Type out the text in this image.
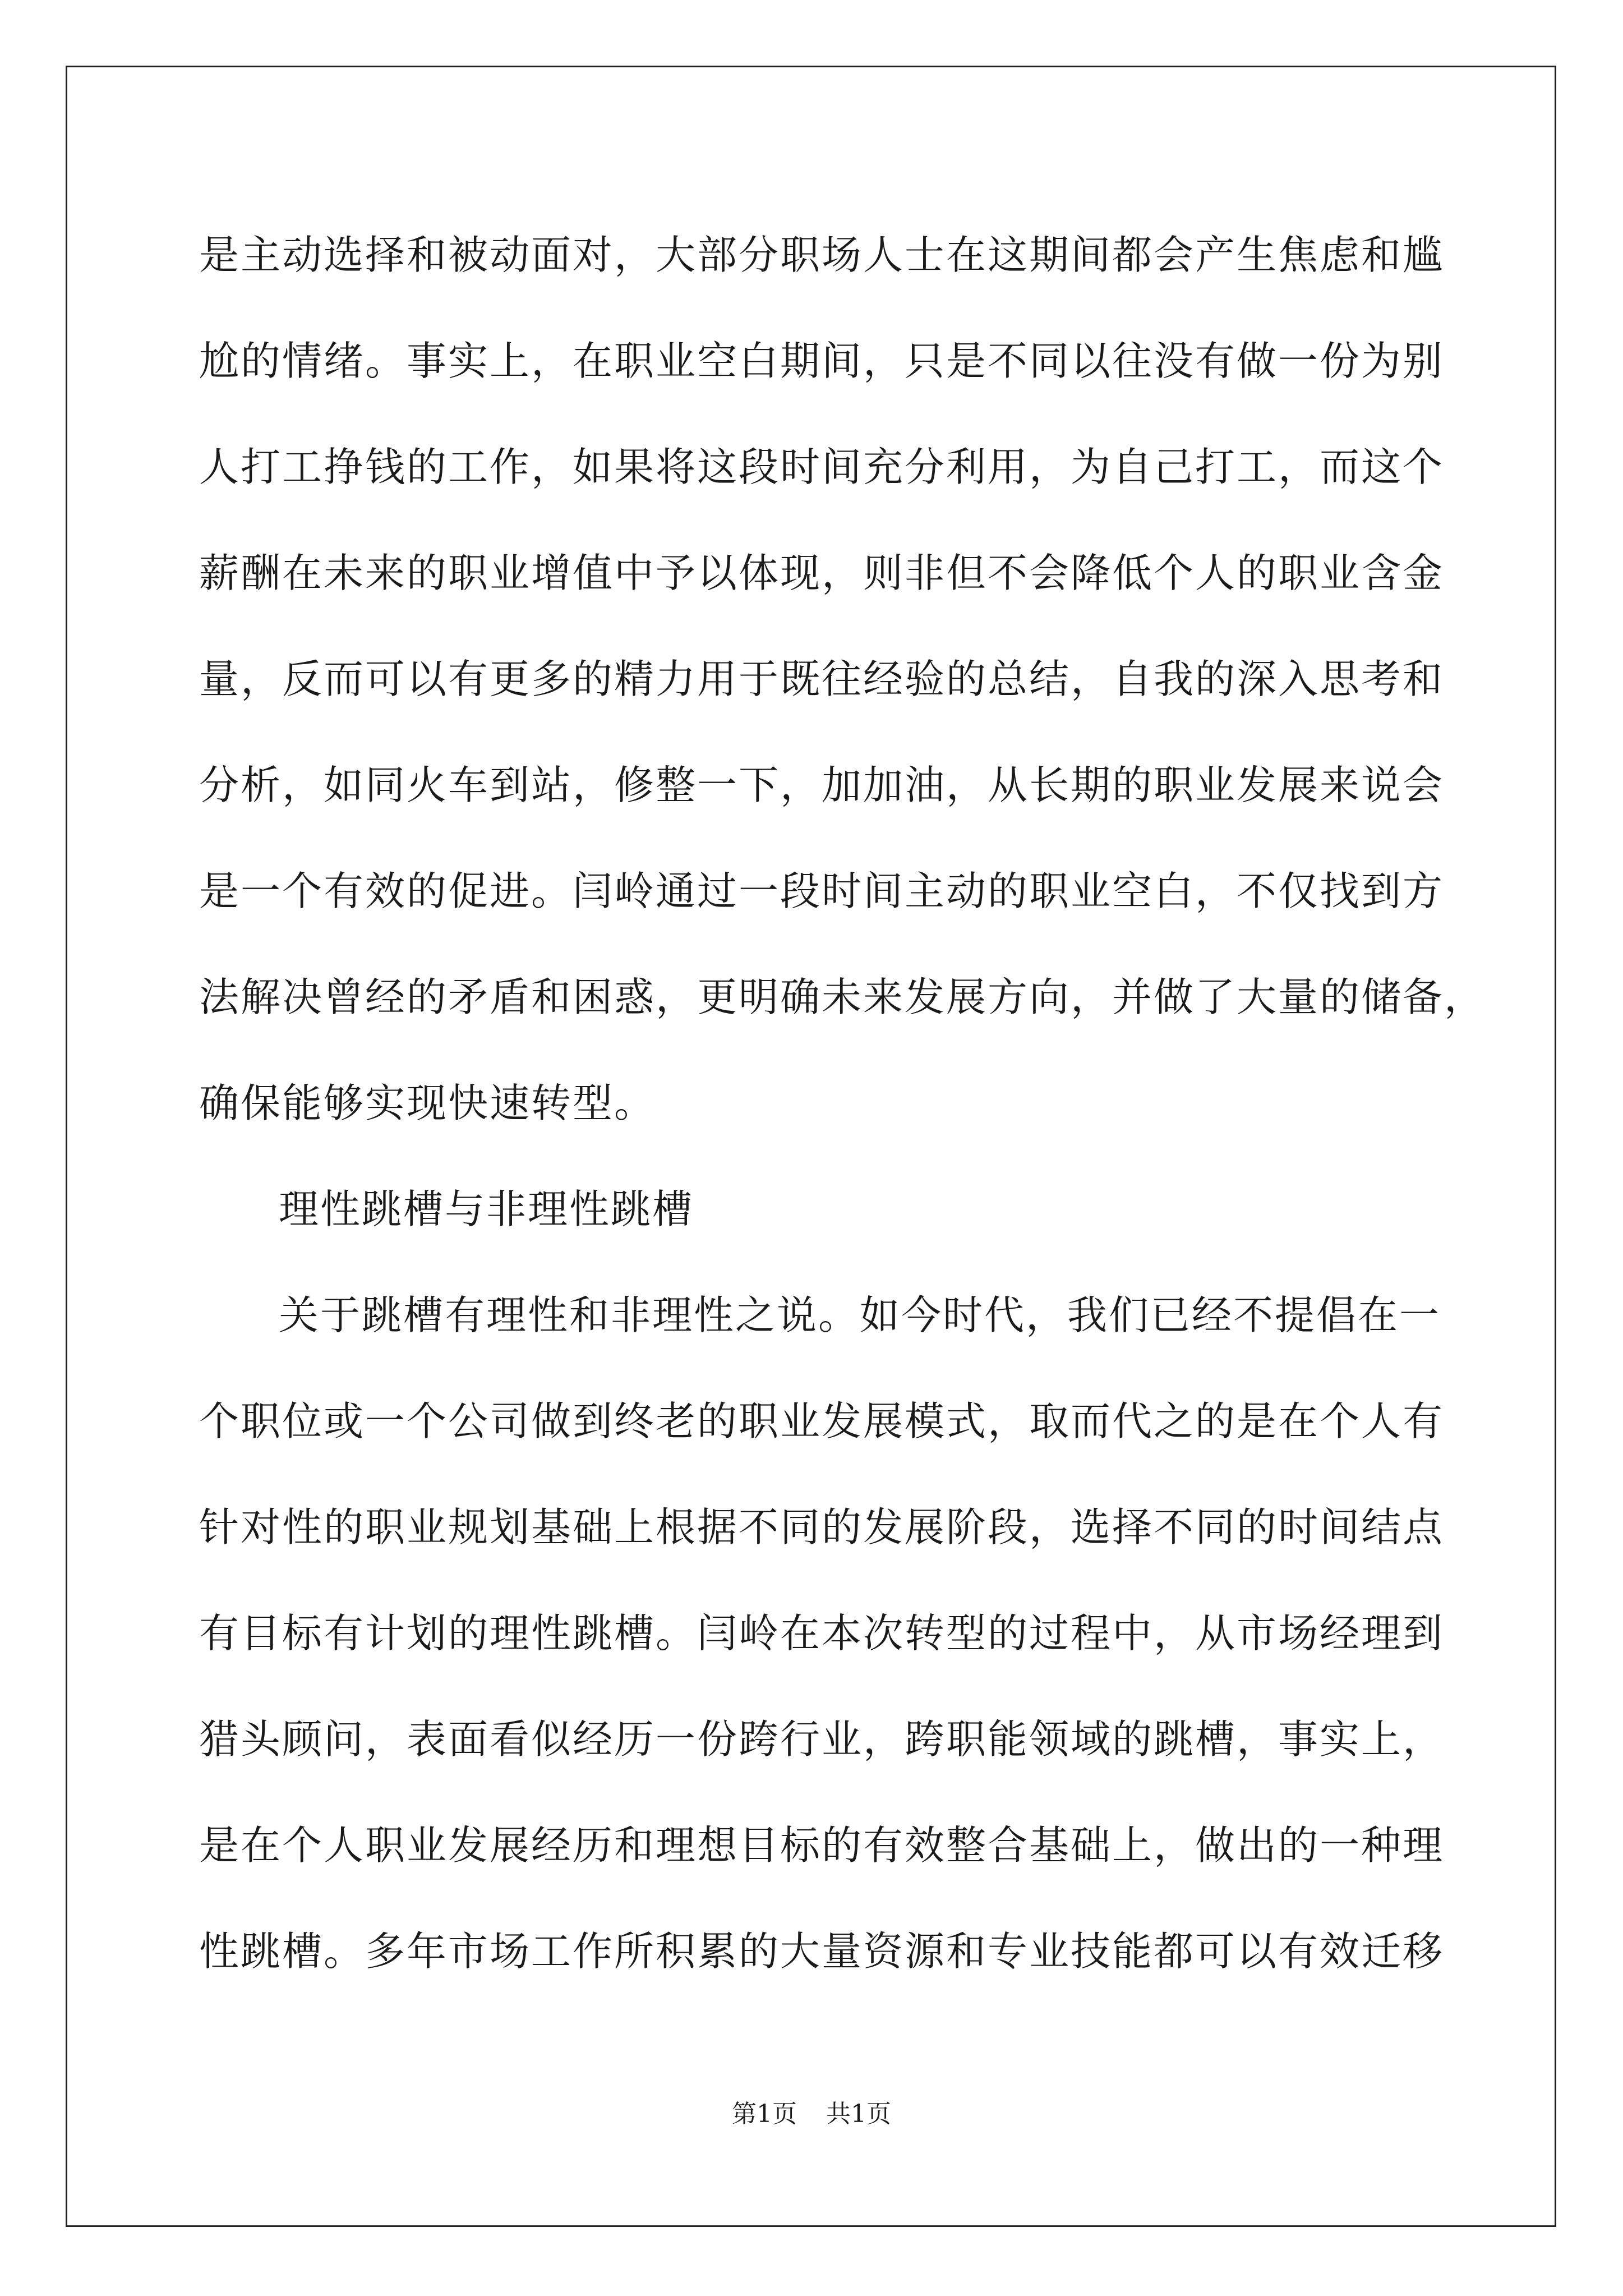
是主动选择和被动面对，大部分职场人士在这期间都会产生焦虑和尴
尬的情绪。事实上，在职业空白期间，只是不同以往没有做一份为别
人打工挣钱的工作，如果将这段时间充分利用，为自己打工，而这个
薪酬在未来的职业增值中予以体现，则非但不会降低个人的职业含金
量，反而可以有更多的精力用于既往经验的总结，自我的深入思考和
分析，如同火车到站，修整一下，加加油，从长期的职业发展来说会
是一个有效的促进。闫岭通过一段时间主动的职业空白，不仅找到方
法解决曾经的矛盾和困惑，更明确未来发展方向，并做了大量的储备，
确保能够实现快速转型。
理性跳槽与非理性跳槽
关于跳槽有理性和非理性之说。如今时代，我们已经不提倡在一
个职位或一个公司做到终老的职业发展模式，取而代之的是在个人有
针对性的职业规划基础上根据不同的发展阶段，选择不同的时间结点
有目标有计划的理性跳槽。闫岭在本次转型的过程中，从市场经理到
猎头顾问，表面看似经历一份跨行业，跨职能领域的跳槽，事实上，
是在个人职业发展经历和理想目标的有效整合基础上，做出的一种理
性跳槽。多年市场工作所积累的大量资源和专业技能都可以有效迁移
第1页 共1页
